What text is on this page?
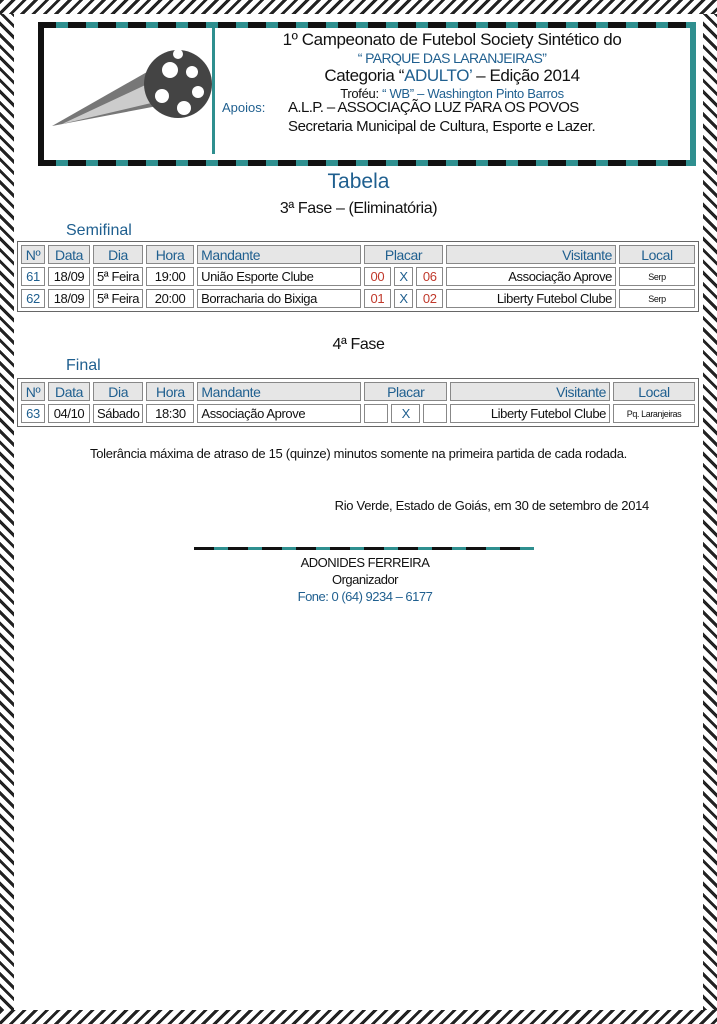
1º Campeonato de Futebol Society Sintético do
“ PARQUE DAS LARANJEIRAS”
Categoria “ADULTO’ – Edição 2014
Troféu: “ WB” – Washington Pinto Barros
Apoios: A.L.P. – ASSOCIAÇÃO LUZ PARA OS POVOS
Secretaria Municipal de Cultura, Esporte e Lazer.
Tabela
3ª Fase – (Eliminatória)
Semifinal
Nº	Data	Dia	Hora	Mandante	Placar			Visitante	Local
61	18/09	5ª Feira	19:00	União Esporte Clube	00	X	06	Associação Aprove	Serp
62	18/09	5ª Feira	20:00	Borracharia do Bixiga	01	X	02	Liberty Futebol Clube	Serp
4ª Fase
Final
Nº	Data	Dia	Hora	Mandante	Placar			Visitante	Local
63	04/10	Sábado	18:30	Associação Aprove		X		Liberty Futebol Clube	Pq. Laranjeiras
Tolerância máxima de atraso de 15 (quinze) minutos somente na primeira partida de cada rodada.
Rio Verde, Estado de Goiás, em 30 de setembro de 2014
ADONIDES FERREIRA
Organizador
Fone: 0 (64) 9234 – 6177
